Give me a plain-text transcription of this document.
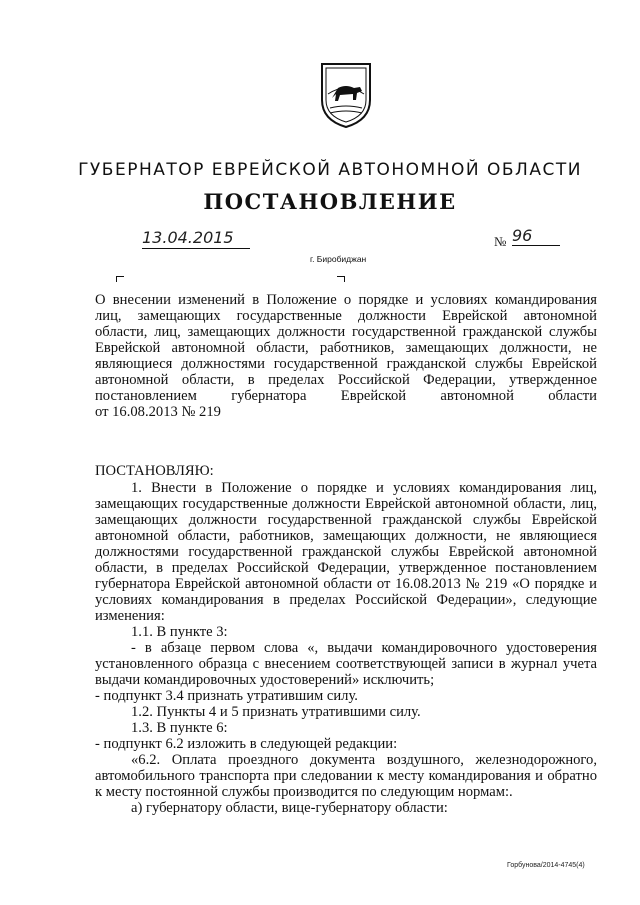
ГУБЕРНАТОР ЕВРЕЙСКОЙ АВТОНОМНОЙ ОБЛАСТИ
ПОСТАНОВЛЕНИЕ
13.04.2015	№ 96
г. Биробиджан
О внесении изменений в Положение о порядке и условиях командирования
лиц, замещающих государственные должности Еврейской автономной
области, лиц, замещающих должности государственной гражданской службы
Еврейской автономной области, работников, замещающих должности, не
являющиеся должностями государственной гражданской службы Еврейской
автономной области, в пределах Российской Федерации, утвержденное
постановлением губернатора Еврейской автономной области
от 16.08.2013 № 219

ПОСТАНОВЛЯЮ:

1. Внести в Положение о порядке и условиях командирования лиц, замещающих государственные должности Еврейской автономной области, лиц, замещающих должности государственной гражданской службы Еврейской автономной области, работников, замещающих должности, не являющиеся должностями государственной гражданской службы Еврейской автономной области, в пределах Российской Федерации, утвержденное постановлением губернатора Еврейской автономной области от 16.08.2013 № 219 «О порядке и условиях командирования в пределах Российской Федерации», следующие изменения:

1.1. В пункте 3:

- в абзаце первом слова «, выдачи командировочного удостоверения установленного образца с внесением соответствующей записи в журнал учета выдачи командировочных удостоверений» исключить;

- подпункт 3.4 признать утратившим силу.

1.2. Пункты 4 и 5 признать утратившими силу.

1.3. В пункте 6:

- подпункт 6.2 изложить в следующей редакции:

«6.2. Оплата проездного документа воздушного, железнодорожного, автомобильного транспорта при следовании к месту командирования и обратно к месту постоянной службы производится по следующим нормам:.

а) губернатору области, вице-губернатору области:

Горбунова/2014-4745(4)
